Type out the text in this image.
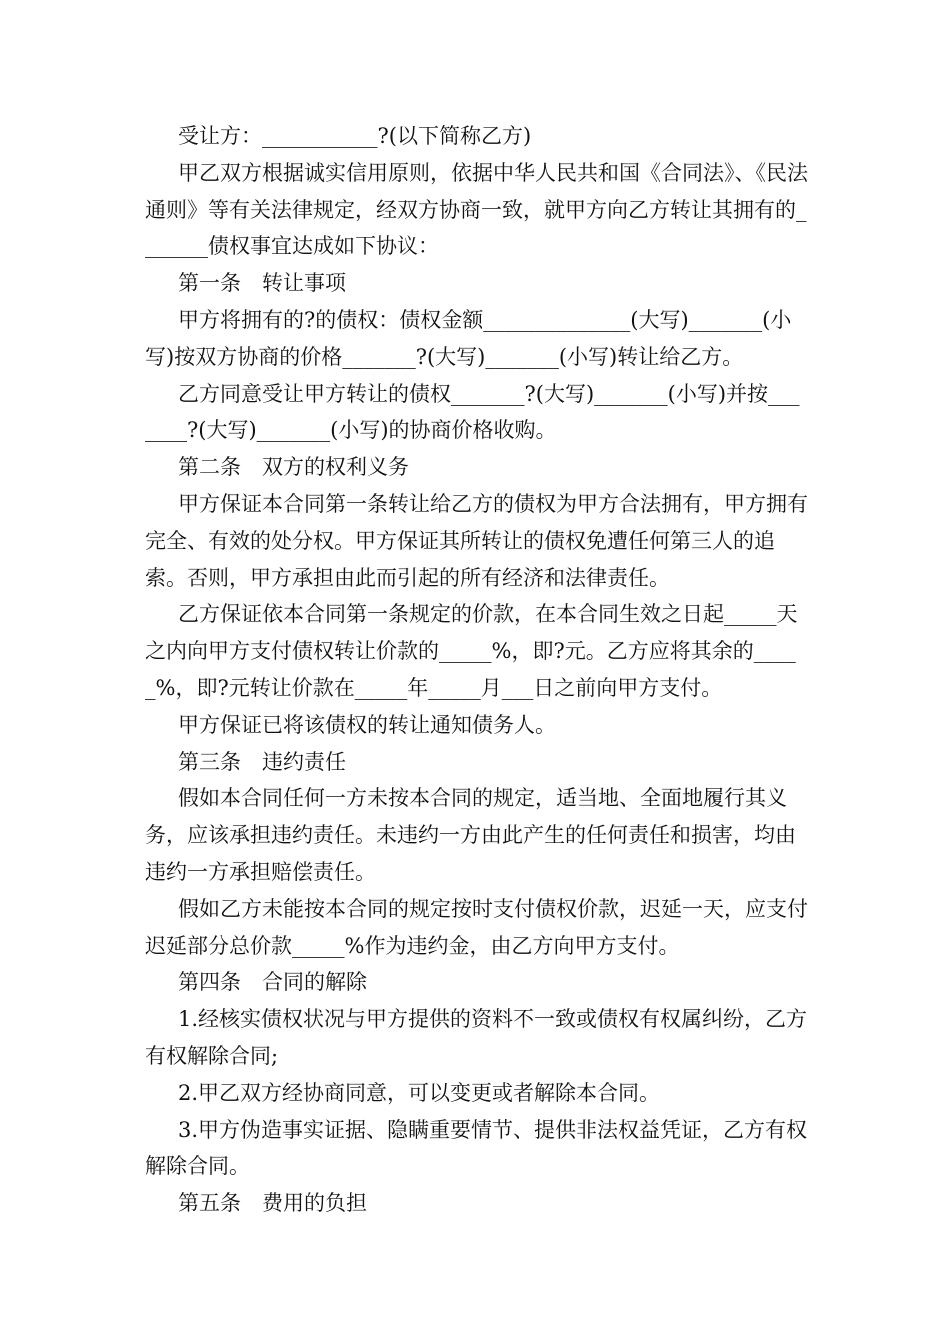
受让方：___________?(以下简称乙方)

甲乙双方根据诚实信用原则，依据中华人民共和国《合同法》、《民法通则》等有关法律规定，经双方协商一致，就甲方向乙方转让其拥有的_______债权事宜达成如下协议：

第一条　转让事项

甲方将拥有的?的债权：债权金额______________(大写)_______(小写)按双方协商的价格_______?(大写)_______(小写)转让给乙方。

乙方同意受让甲方转让的债权_______?(大写)_______(小写)并按_______?(大写)_______(小写)的协商价格收购。

第二条　双方的权利义务

甲方保证本合同第一条转让给乙方的债权为甲方合法拥有，甲方拥有完全、有效的处分权。甲方保证其所转让的债权免遭任何第三人的追索。否则，甲方承担由此而引起的所有经济和法律责任。

乙方保证依本合同第一条规定的价款，在本合同生效之日起_____天之内向甲方支付债权转让价款的_____%，即?元。乙方应将其余的_____%，即?元转让价款在_____年_____月___日之前向甲方支付。

甲方保证已将该债权的转让通知债务人。

第三条　违约责任

假如本合同任何一方未按本合同的规定，适当地、全面地履行其义务，应该承担违约责任。未违约一方由此产生的任何责任和损害，均由违约一方承担赔偿责任。

假如乙方未能按本合同的规定按时支付债权价款，迟延一天，应支付迟延部分总价款_____%作为违约金，由乙方向甲方支付。

第四条　合同的解除

1.经核实债权状况与甲方提供的资料不一致或债权有权属纠纷，乙方有权解除合同;

2.甲乙双方经协商同意，可以变更或者解除本合同。

3.甲方伪造事实证据、隐瞒重要情节、提供非法权益凭证，乙方有权解除合同。

第五条　费用的负担
